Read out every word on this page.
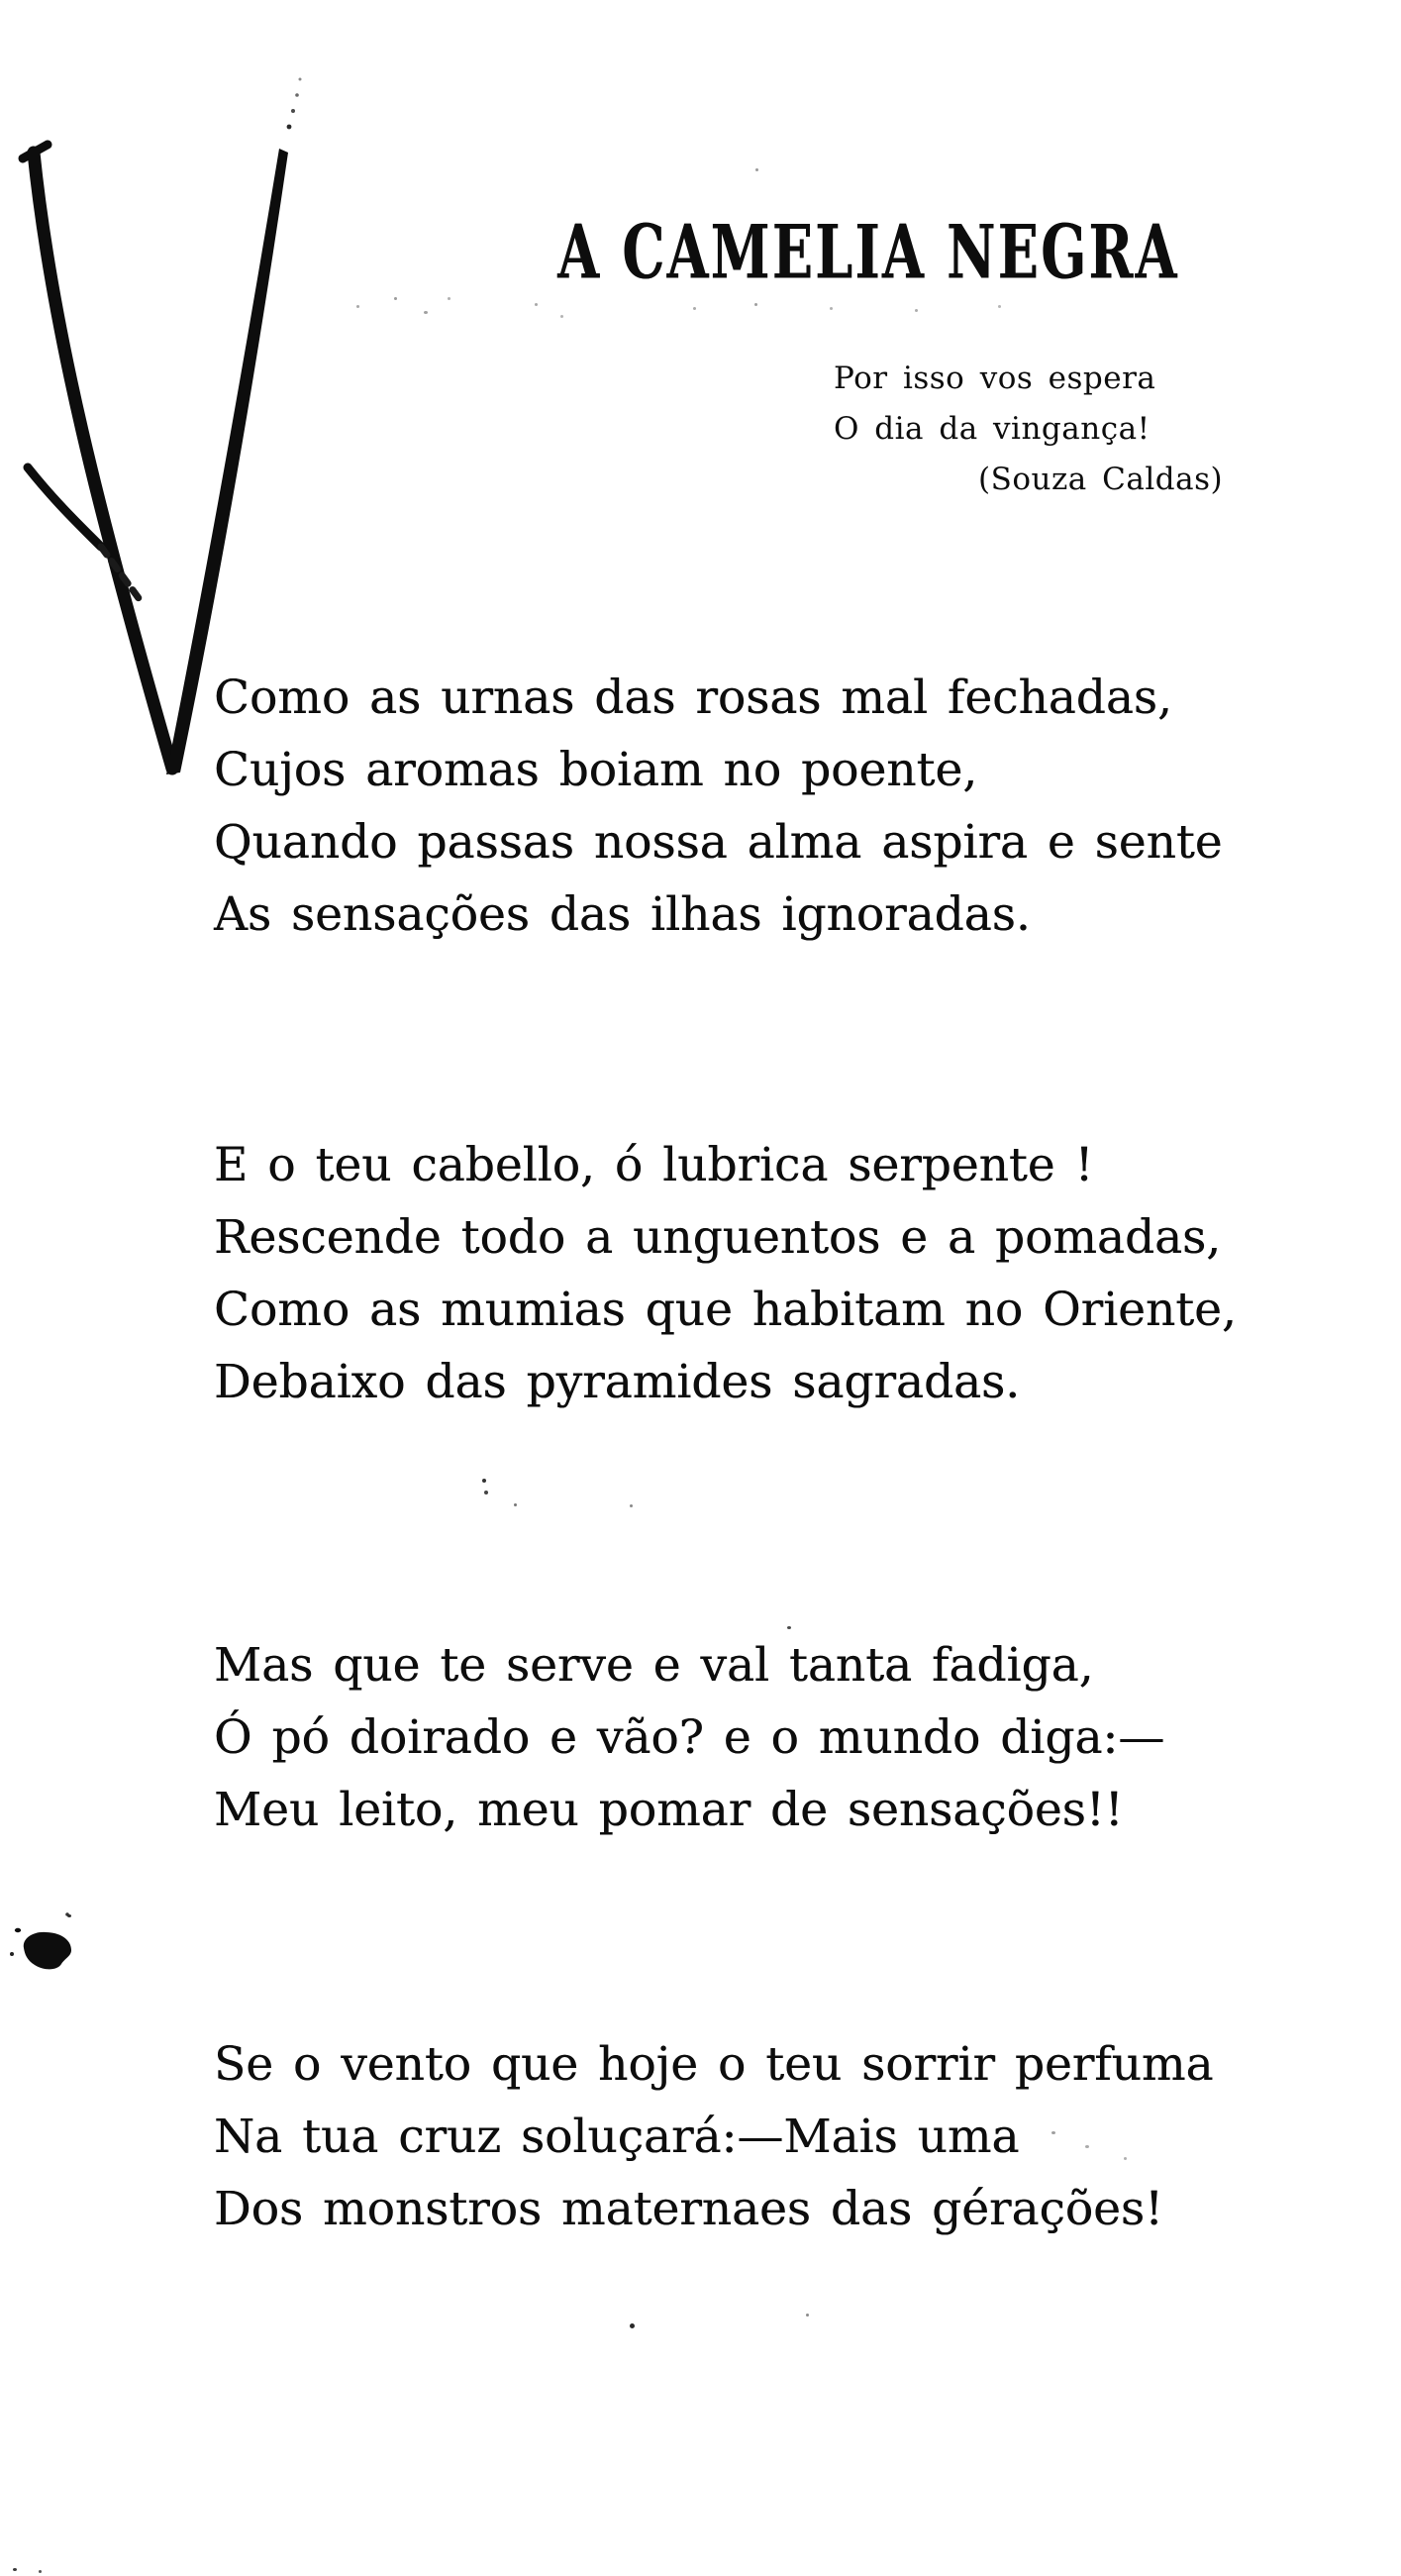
A CAMELIA NEGRA
Por isso vos espera
O dia da vingança!
(Souza Caldas)
Como as urnas das rosas mal fechadas,
Cujos aromas boiam no poente,
Quando passas nossa alma aspira e sente
As sensações das ilhas ignoradas.
E o teu cabello, ó lubrica serpente !
Rescende todo a unguentos e a pomadas,
Como as mumias que habitam no Oriente,
Debaixo das pyramides sagradas.
Mas que te serve e val tanta fadiga,
Ó pó doirado e vão? e o mundo diga:—
Meu leito, meu pomar de sensações!!
Se o vento que hoje o teu sorrir perfuma
Na tua cruz soluçará:—Mais uma
Dos monstros maternaes das gérações!
